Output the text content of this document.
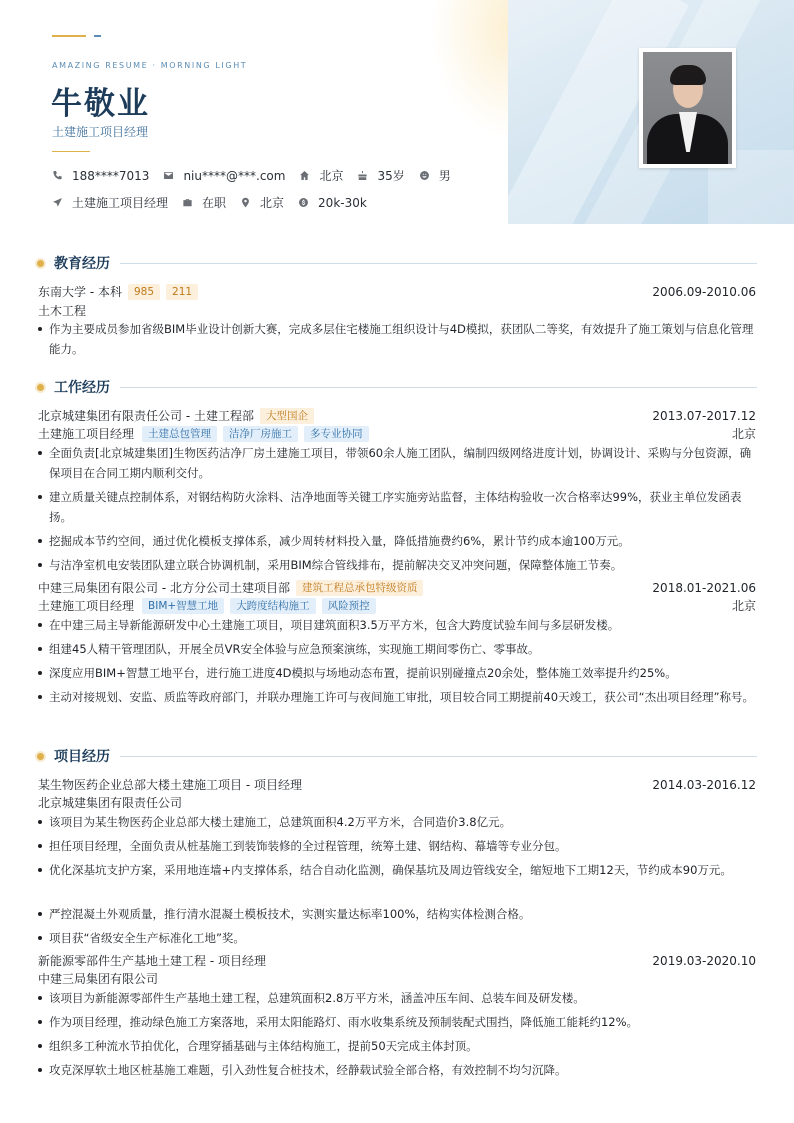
AMAZING RESUME · MORNING LIGHT
牛敬业
土建施工项目经理
188****7013	niu****@***.com	北京	35岁	男
土建施工项目经理	在职	北京	20k-30k
教育经历
东南大学 - 本科	985	211	2006.09-2010.06
土木工程
作为主要成员参加省级BIM毕业设计创新大赛，完成多层住宅楼施工组织设计与4D模拟，获团队二等奖，有效提升了施工策划与信息化管理能力。
工作经历
北京城建集团有限责任公司 - 土建工程部	大型国企	2013.07-2017.12
土建施工项目经理	土建总包管理	洁净厂房施工	多专业协同	北京
全面负责[北京城建集团]生物医药洁净厂房土建施工项目，带领60余人施工团队，编制四级网络进度计划，协调设计、采购与分包资源，确保项目在合同工期内顺利交付。
建立质量关键点控制体系，对钢结构防火涂料、洁净地面等关键工序实施旁站监督，主体结构验收一次合格率达99%，获业主单位发函表扬。
挖掘成本节约空间，通过优化模板支撑体系，减少周转材料投入量，降低措施费约6%，累计节约成本逾100万元。
与洁净室机电安装团队建立联合协调机制，采用BIM综合管线排布，提前解决交叉冲突问题，保障整体施工节奏。
中建三局集团有限公司 - 北方分公司土建项目部	建筑工程总承包特级资质	2018.01-2021.06
土建施工项目经理	BIM+智慧工地	大跨度结构施工	风险预控	北京
在中建三局主导新能源研发中心土建施工项目，项目建筑面积3.5万平方米，包含大跨度试验车间与多层研发楼。
组建45人精干管理团队，开展全员VR安全体验与应急预案演练，实现施工期间零伤亡、零事故。
深度应用BIM+智慧工地平台，进行施工进度4D模拟与场地动态布置，提前识别碰撞点20余处，整体施工效率提升约25%。
主动对接规划、安监、质监等政府部门，并联办理施工许可与夜间施工审批，项目较合同工期提前40天竣工，获公司“杰出项目经理”称号。
项目经历
某生物医药企业总部大楼土建施工项目 - 项目经理	2014.03-2016.12
北京城建集团有限责任公司
该项目为某生物医药企业总部大楼土建施工，总建筑面积4.2万平方米，合同造价3.8亿元。
担任项目经理，全面负责从桩基施工到装饰装修的全过程管理，统筹土建、钢结构、幕墙等专业分包。
优化深基坑支护方案，采用地连墙+内支撑体系，结合自动化监测，确保基坑及周边管线安全，缩短地下工期12天，节约成本90万元。
严控混凝土外观质量，推行清水混凝土模板技术，实测实量达标率100%，结构实体检测合格。
项目获“省级安全生产标准化工地”奖。
新能源零部件生产基地土建工程 - 项目经理	2019.03-2020.10
中建三局集团有限公司
该项目为新能源零部件生产基地土建工程，总建筑面积2.8万平方米，涵盖冲压车间、总装车间及研发楼。
作为项目经理，推动绿色施工方案落地，采用太阳能路灯、雨水收集系统及预制装配式围挡，降低施工能耗约12%。
组织多工种流水节拍优化，合理穿插基础与主体结构施工，提前50天完成主体封顶。
攻克深厚软土地区桩基施工难题，引入劲性复合桩技术，经静载试验全部合格，有效控制不均匀沉降。
